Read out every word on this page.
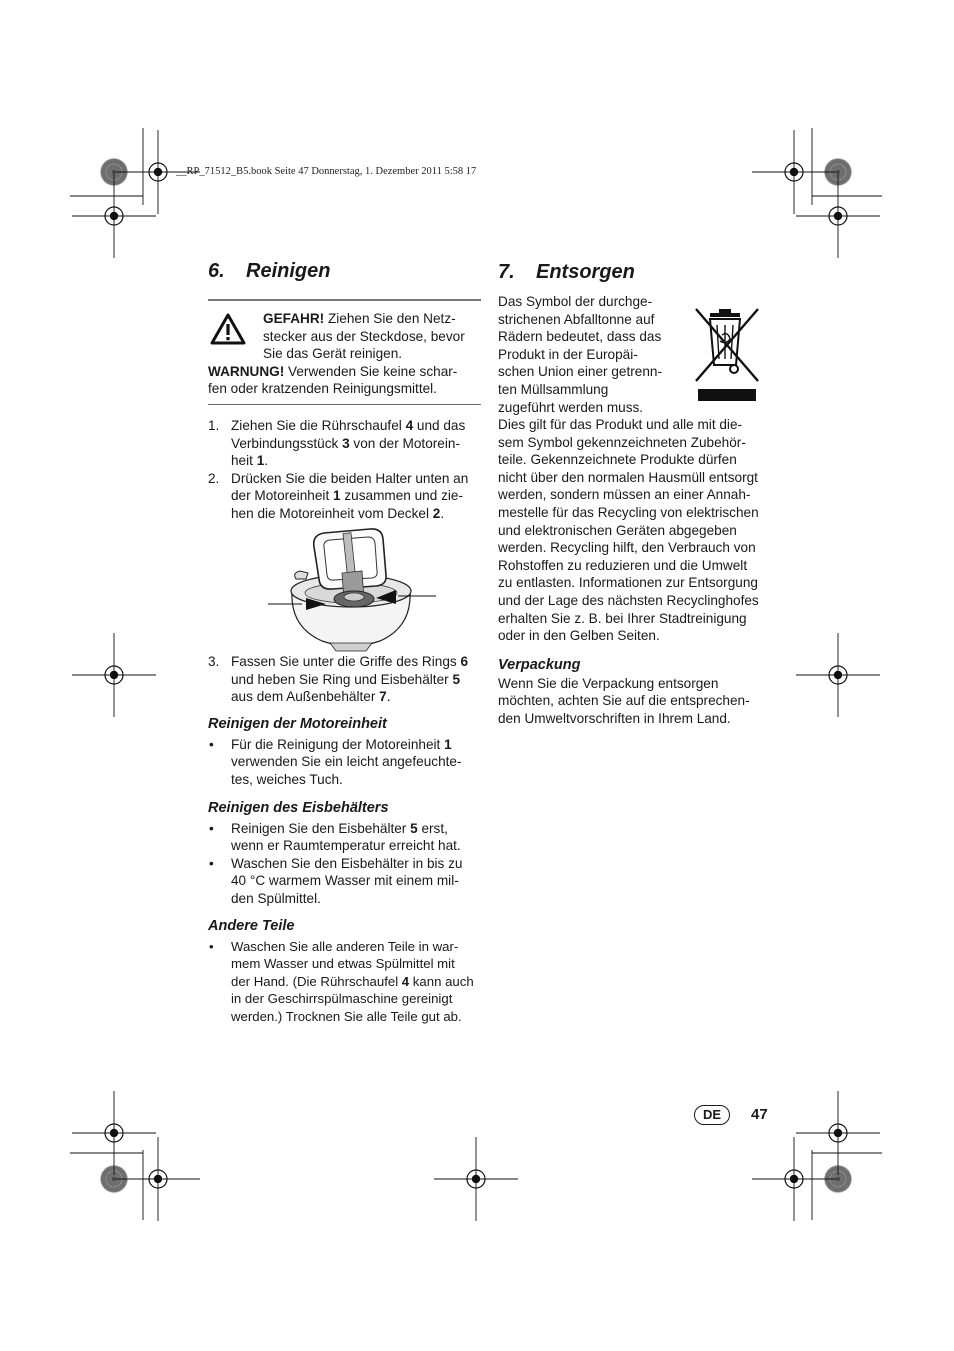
__RP_71512_B5.book Seite 47 Donnerstag, 1. Dezember 2011 5:58 17
6. Reinigen

GEFAHR! Ziehen Sie den Netz-

stecker aus der Steckdose, bevor

Sie das Gerät reinigen.

WARNUNG! Verwenden Sie keine schar-

fen oder kratzenden Reinigungsmittel.

1. Ziehen Sie die Rührschaufel 4 und das

Verbindungsstück 3 von der Motorein-

heit 1.

2. Drücken Sie die beiden Halter unten an

der Motoreinheit 1 zusammen und zie-

hen die Motoreinheit vom Deckel 2.

3. Fassen Sie unter die Griffe des Rings 6

und heben Sie Ring und Eisbehälter 5

aus dem Außenbehälter 7.

Reinigen der Motoreinheit

• Für die Reinigung der Motoreinheit 1

verwenden Sie ein leicht angefeuchte-

tes, weiches Tuch.

Reinigen des Eisbehälters

• Reinigen Sie den Eisbehälter 5 erst,

wenn er Raumtemperatur erreicht hat.

• Waschen Sie den Eisbehälter in bis zu

40 °C warmem Wasser mit einem mil-

den Spülmittel.

Andere Teile

• Waschen Sie alle anderen Teile in war-

mem Wasser und etwas Spülmittel mit

der Hand. (Die Rührschaufel 4 kann auch

in der Geschirrspülmaschine gereinigt

werden.) Trocknen Sie alle Teile gut ab.

7. Entsorgen

Das Symbol der durchge-

strichenen Abfalltonne auf

Rädern bedeutet, dass das

Produkt in der Europäi-

schen Union einer getrenn-

ten Müllsammlung

zugeführt werden muss.

Dies gilt für das Produkt und alle mit die-

sem Symbol gekennzeichneten Zubehör-

teile. Gekennzeichnete Produkte dürfen

nicht über den normalen Hausmüll entsorgt

werden, sondern müssen an einer Annah-

mestelle für das Recycling von elektrischen

und elektronischen Geräten abgegeben

werden. Recycling hilft, den Verbrauch von

Rohstoffen zu reduzieren und die Umwelt

zu entlasten. Informationen zur Entsorgung

und der Lage des nächsten Recyclinghofes

erhalten Sie z. B. bei Ihrer Stadtreinigung

oder in den Gelben Seiten.

Verpackung

Wenn Sie die Verpackung entsorgen

möchten, achten Sie auf die entsprechen-

den Umweltvorschriften in Ihrem Land.

DE	47
